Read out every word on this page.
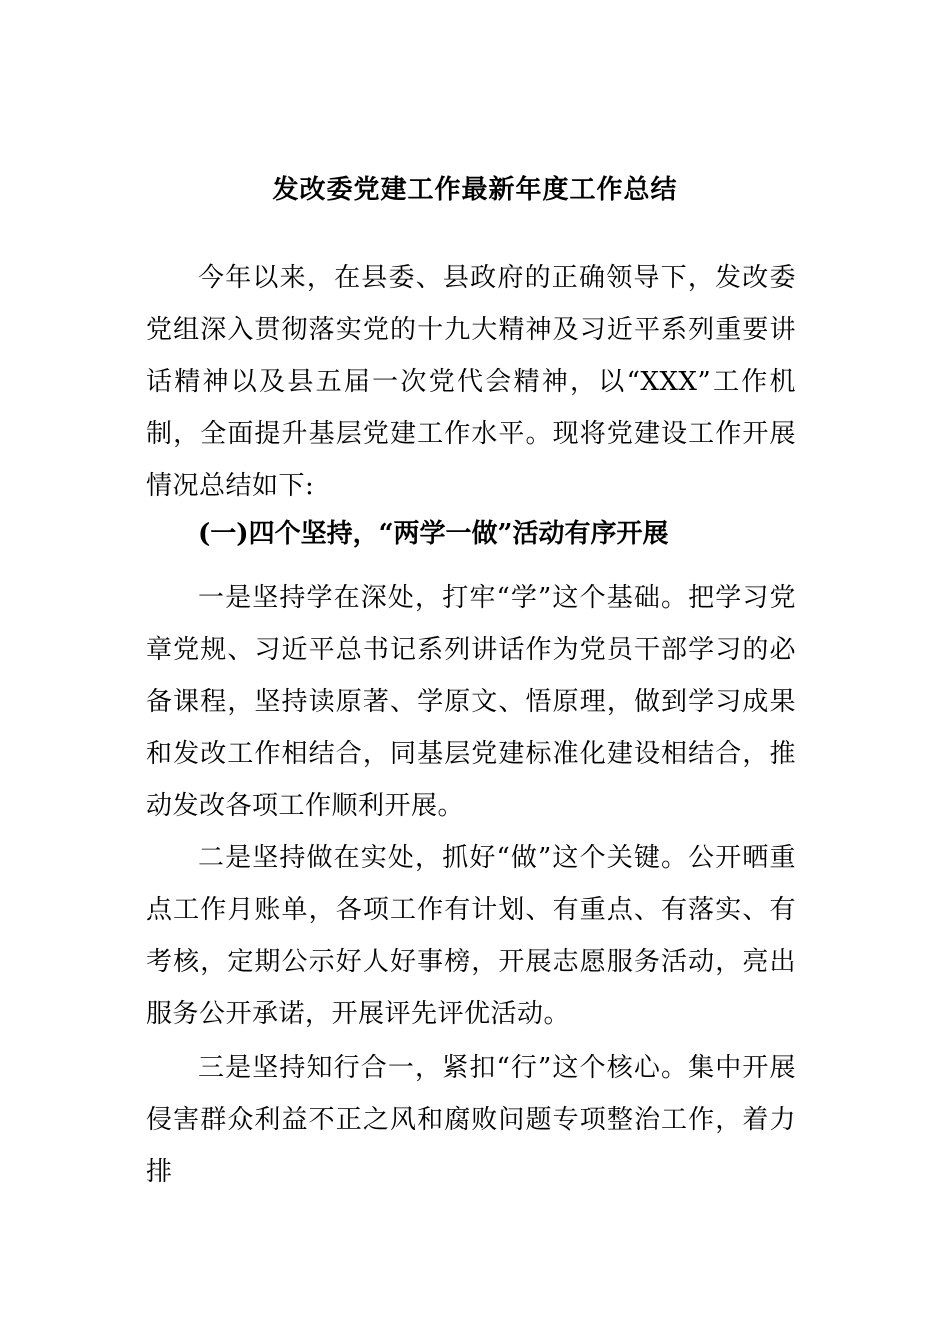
发改委党建工作最新年度工作总结

今年以来，在县委、县政府的正确领导下，发改委党组深入贯彻落实党的十九大精神及习近平系列重要讲话精神以及县五届一次党代会精神，以“XXX”工作机制，全面提升基层党建工作水平。现将党建设工作开展情况总结如下:

(一)四个坚持，“两学一做”活动有序开展

一是坚持学在深处，打牢“学”这个基础。把学习党章党规、习近平总书记系列讲话作为党员干部学习的必备课程，坚持读原著、学原文、悟原理，做到学习成果和发改工作相结合，同基层党建标准化建设相结合，推动发改各项工作顺利开展。

二是坚持做在实处，抓好“做”这个关键。公开晒重点工作月账单，各项工作有计划、有重点、有落实、有考核，定期公示好人好事榜，开展志愿服务活动，亮出服务公开承诺，开展评先评优活动。

三是坚持知行合一，紧扣“行”这个核心。集中开展侵害群众利益不正之风和腐败问题专项整治工作，着力排
